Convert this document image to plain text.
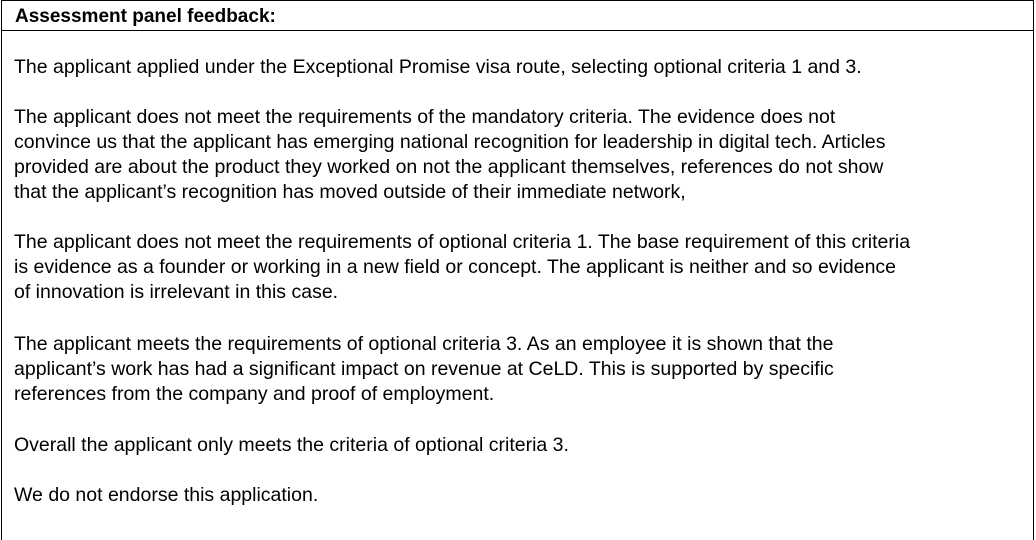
Assessment panel feedback:
The applicant applied under the Exceptional Promise visa route, selecting optional criteria 1 and 3.
The applicant does not meet the requirements of the mandatory criteria. The evidence does not
convince us that the applicant has emerging national recognition for leadership in digital tech. Articles
provided are about the product they worked on not the applicant themselves, references do not show
that the applicant’s recognition has moved outside of their immediate network,
The applicant does not meet the requirements of optional criteria 1. The base requirement of this criteria
is evidence as a founder or working in a new field or concept. The applicant is neither and so evidence
of innovation is irrelevant in this case.
The applicant meets the requirements of optional criteria 3. As an employee it is shown that the
applicant’s work has had a significant impact on revenue at CeLD. This is supported by specific
references from the company and proof of employment.
Overall the applicant only meets the criteria of optional criteria 3.
We do not endorse this application.
